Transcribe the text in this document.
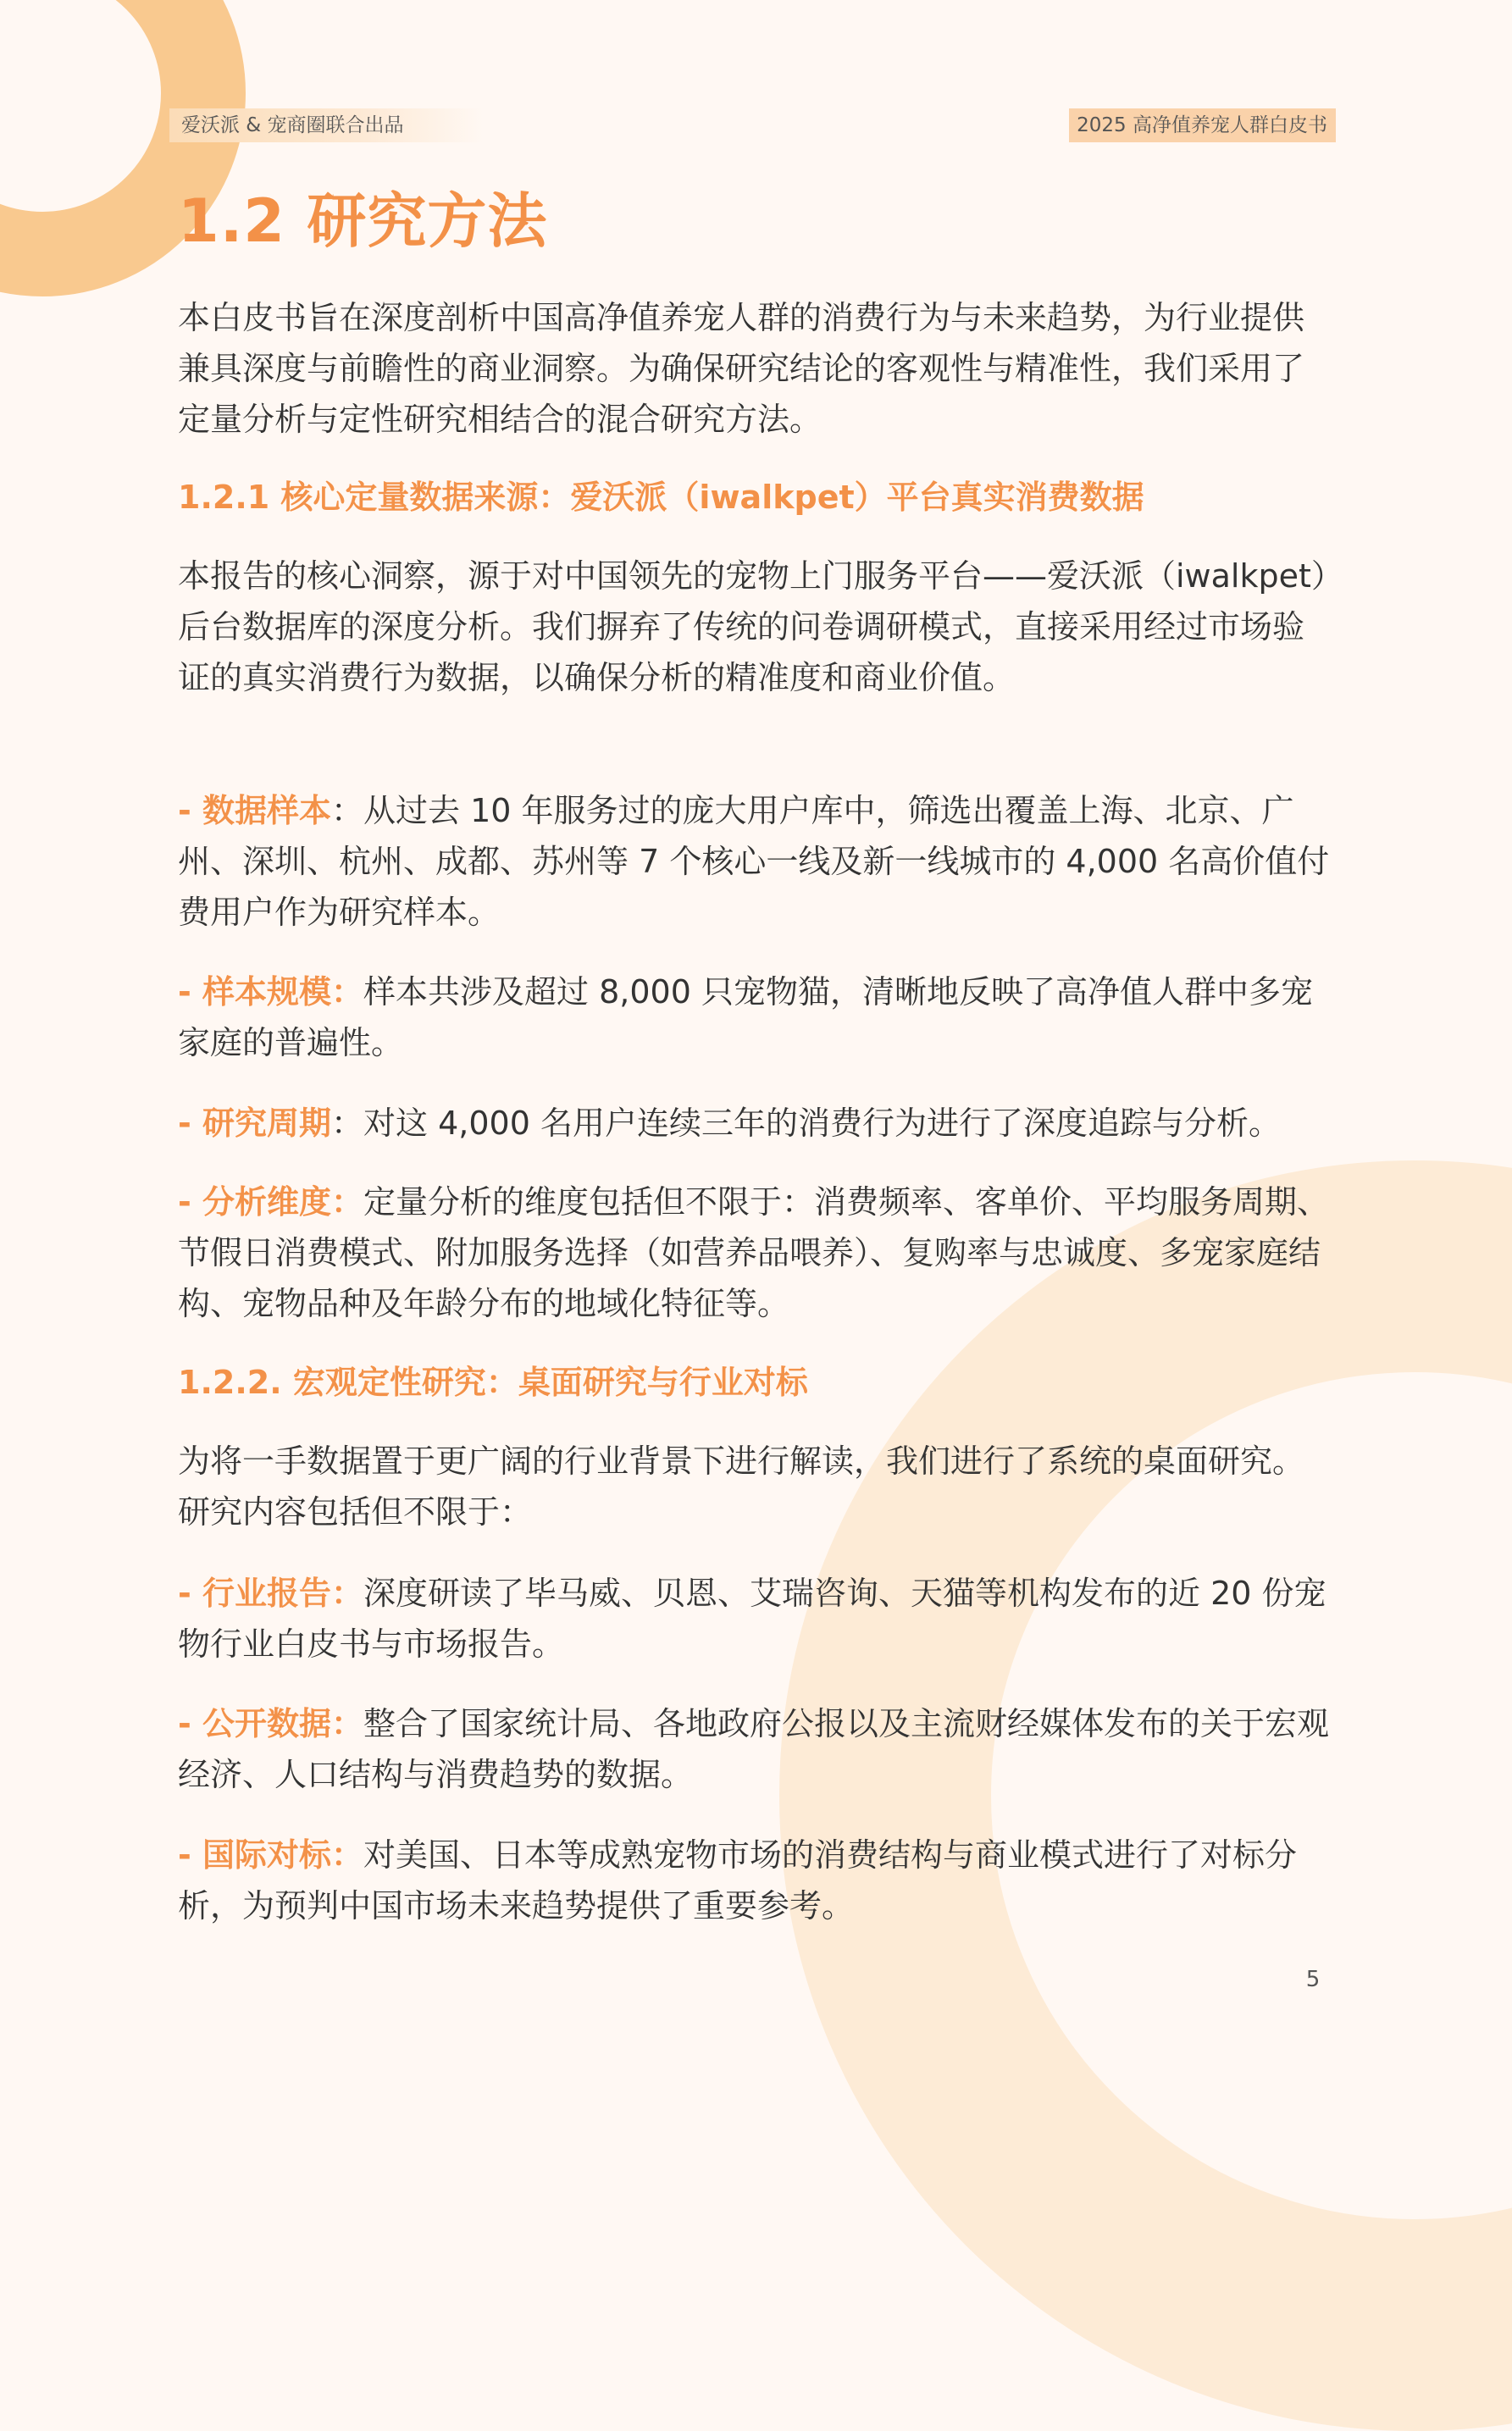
爱沃派 & 宠商圈联合出品	2025 高净值养宠人群白皮书
1.2 研究方法

本白皮书旨在深度剖析中国高净值养宠人群的消费行为与未来趋势，为行业提供兼具深度与前瞻性的商业洞察。为确保研究结论的客观性与精准性，我们采用了定量分析与定性研究相结合的混合研究方法。

1.2.1 核心定量数据来源：爱沃派（iwalkpet）平台真实消费数据

本报告的核心洞察，源于对中国领先的宠物上门服务平台——爱沃派（iwalkpet）后台数据库的深度分析。我们摒弃了传统的问卷调研模式，直接采用经过市场验证的真实消费行为数据，以确保分析的精准度和商业价值。

- 数据样本：从过去 10 年服务过的庞大用户库中，筛选出覆盖上海、北京、广州、深圳、杭州、成都、苏州等 7 个核心一线及新一线城市的 4,000 名高价值付费用户作为研究样本。

- 样本规模：样本共涉及超过 8,000 只宠物猫，清晰地反映了高净值人群中多宠家庭的普遍性。

- 研究周期：对这 4,000 名用户连续三年的消费行为进行了深度追踪与分析。

- 分析维度：定量分析的维度包括但不限于：消费频率、客单价、平均服务周期、节假日消费模式、附加服务选择（如营养品喂养）、复购率与忠诚度、多宠家庭结构、宠物品种及年龄分布的地域化特征等。

1.2.2. 宏观定性研究：桌面研究与行业对标

为将一手数据置于更广阔的行业背景下进行解读，我们进行了系统的桌面研究。研究内容包括但不限于：

- 行业报告：深度研读了毕马威、贝恩、艾瑞咨询、天猫等机构发布的近 20 份宠物行业白皮书与市场报告。

- 公开数据：整合了国家统计局、各地政府公报以及主流财经媒体发布的关于宏观经济、人口结构与消费趋势的数据。

- 国际对标：对美国、日本等成熟宠物市场的消费结构与商业模式进行了对标分析，为预判中国市场未来趋势提供了重要参考。

5
